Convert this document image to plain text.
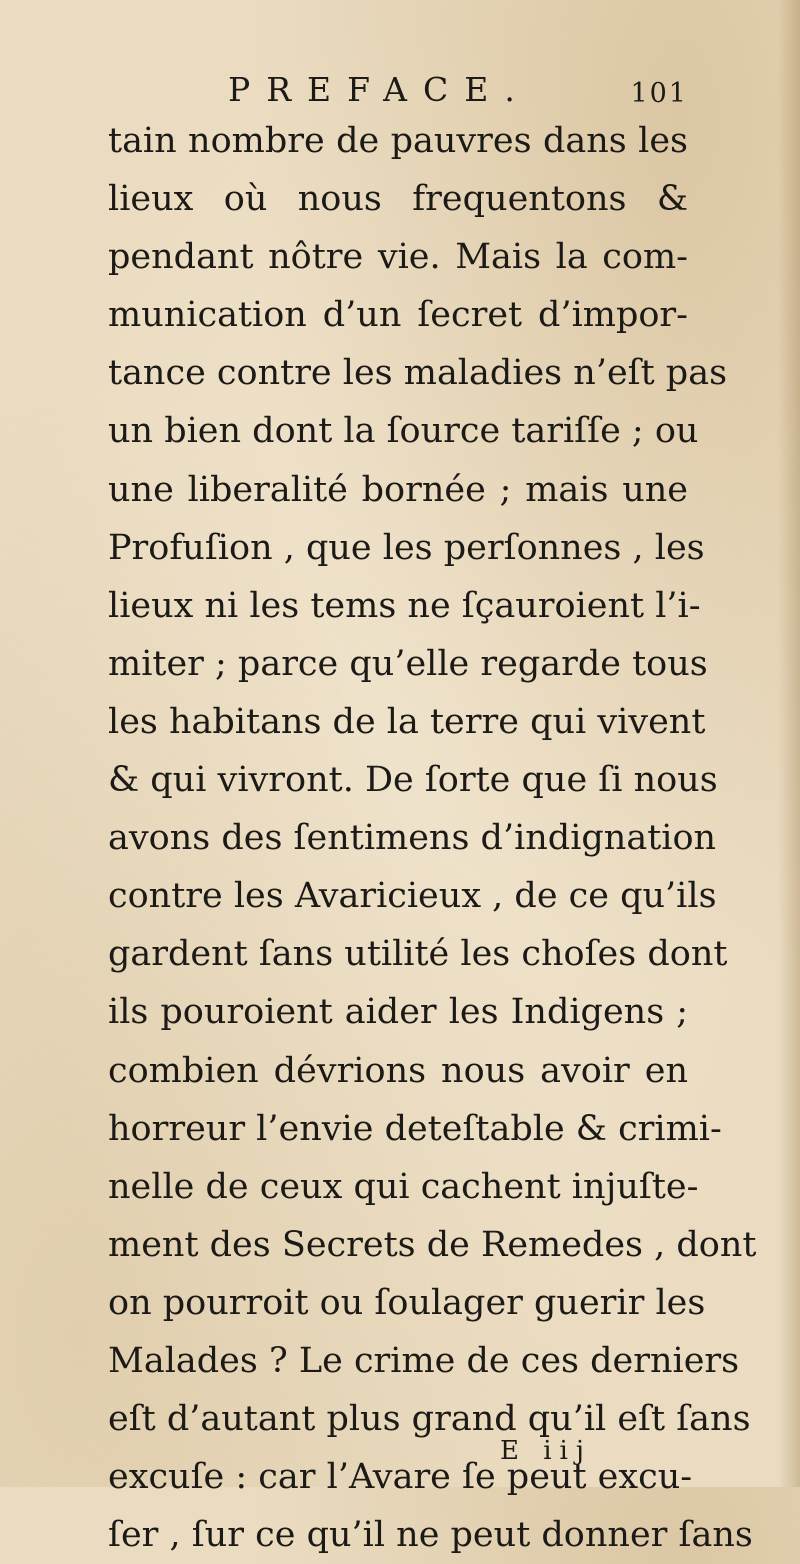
PREFACE.	101
tain nombre de pauvres dans les
lieux où nous frequentons &
pendant nôtre vie. Mais la com-
munication d’un ſecret d’impor-
tance contre les maladies n’eſt pas
un bien dont la ſource tariſſe ; ou
une liberalité bornée ; mais une
Profuſion , que les perſonnes , les
lieux ni les tems ne ſçauroient l’i-
miter ; parce qu’elle regarde tous
les habitans de la terre qui vivent
& qui vivront. De ſorte que ſi nous
avons des ſentimens d’indignation
contre les Avaricieux , de ce qu’ils
gardent ſans utilité les choſes dont
ils pouroient aider les Indigens ;
combien dévrions nous avoir en
horreur l’envie deteſtable & crimi-
nelle de ceux qui cachent injuſte-
ment des Secrets de Remedes , dont
on pourroit ou ſoulager guerir les
Malades ? Le crime de ces derniers
eſt d’autant plus grand qu’il eſt ſans
excuſe : car l’Avare ſe peut excu-
ſer , ſur ce qu’il ne peut donner ſans
E iij
